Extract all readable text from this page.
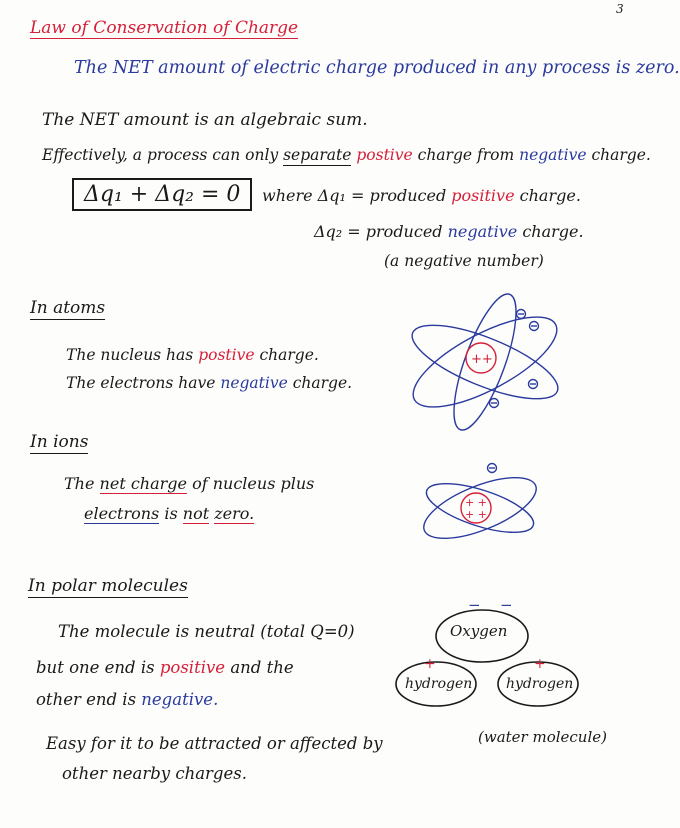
3
Law of Conservation of Charge
The NET amount of electric charge produced in any process is zero.
The NET amount is an algebraic sum.
Effectively, a process can only separate postive charge from negative charge.
Δq₁ + Δq₂ = 0	where Δq₁ = produced positive charge.
Δq₂ = produced negative charge.
(a negative number)
In atoms
The nucleus has postive charge.
The electrons have negative charge.
++
In ions
The net charge of nucleus plus
electrons is not zero.
+ +
+ +
In polar molecules
The molecule is neutral (total Q=0)
but one end is positive and the
other end is negative.
Easy for it to be attracted or affected by
other nearby charges.
Oxygen
− −
hydrogen
+
hydrogen
+
(water molecule)
